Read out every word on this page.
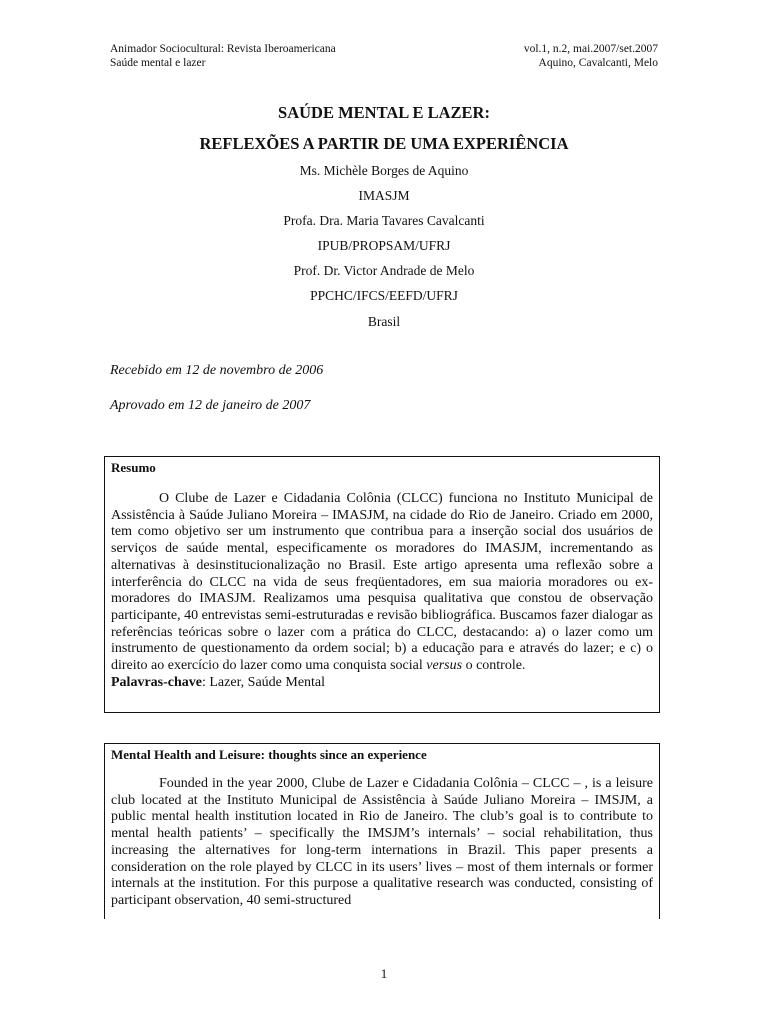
Animador Sociocultural: Revista Iberoamericana	vol.1, n.2, mai.2007/set.2007
Saúde mental e lazer	Aquino, Cavalcanti, Melo
SAÚDE MENTAL E LAZER:
REFLEXÕES A PARTIR DE UMA EXPERIÊNCIA
Ms. Michèle Borges de Aquino
IMASJM
Profa. Dra. Maria Tavares Cavalcanti
IPUB/PROPSAM/UFRJ
Prof. Dr. Victor Andrade de Melo
PPCHC/IFCS/EEFD/UFRJ
Brasil
Recebido em 12 de novembro de 2006
Aprovado em 12 de janeiro de 2007
Resumo

O Clube de Lazer e Cidadania Colônia (CLCC) funciona no Instituto Municipal de Assistência à Saúde Juliano Moreira – IMASJM, na cidade do Rio de Janeiro. Criado em 2000, tem como objetivo ser um instrumento que contribua para a inserção social dos usuários de serviços de saúde mental, especificamente os moradores do IMASJM, incrementando as alternativas à desinstitucionalização no Brasil. Este artigo apresenta uma reflexão sobre a interferência do CLCC na vida de seus freqüentadores, em sua maioria moradores ou ex-moradores do IMASJM. Realizamos uma pesquisa qualitativa que constou de observação participante, 40 entrevistas semi-estruturadas e revisão bibliográfica. Buscamos fazer dialogar as referências teóricas sobre o lazer com a prática do CLCC, destacando: a) o lazer como um instrumento de questionamento da ordem social; b) a educação para e através do lazer; e c) o direito ao exercício do lazer como uma conquista social versus o controle.

Palavras-chave: Lazer, Saúde Mental
Mental Health and Leisure: thoughts since an experience

Founded in the year 2000, Clube de Lazer e Cidadania Colônia – CLCC – , is a leisure club located at the Instituto Municipal de Assistência à Saúde Juliano Moreira – IMSJM, a public mental health institution located in Rio de Janeiro. The club’s goal is to contribute to mental health patients’ – specifically the IMSJM’s internals’ – social rehabilitation, thus increasing the alternatives for long-term internations in Brazil. This paper presents a consideration on the role played by CLCC in its users’ lives – most of them internals or former internals at the institution. For this purpose a qualitative research was conducted, consisting of participant observation, 40 semi-structured

1
